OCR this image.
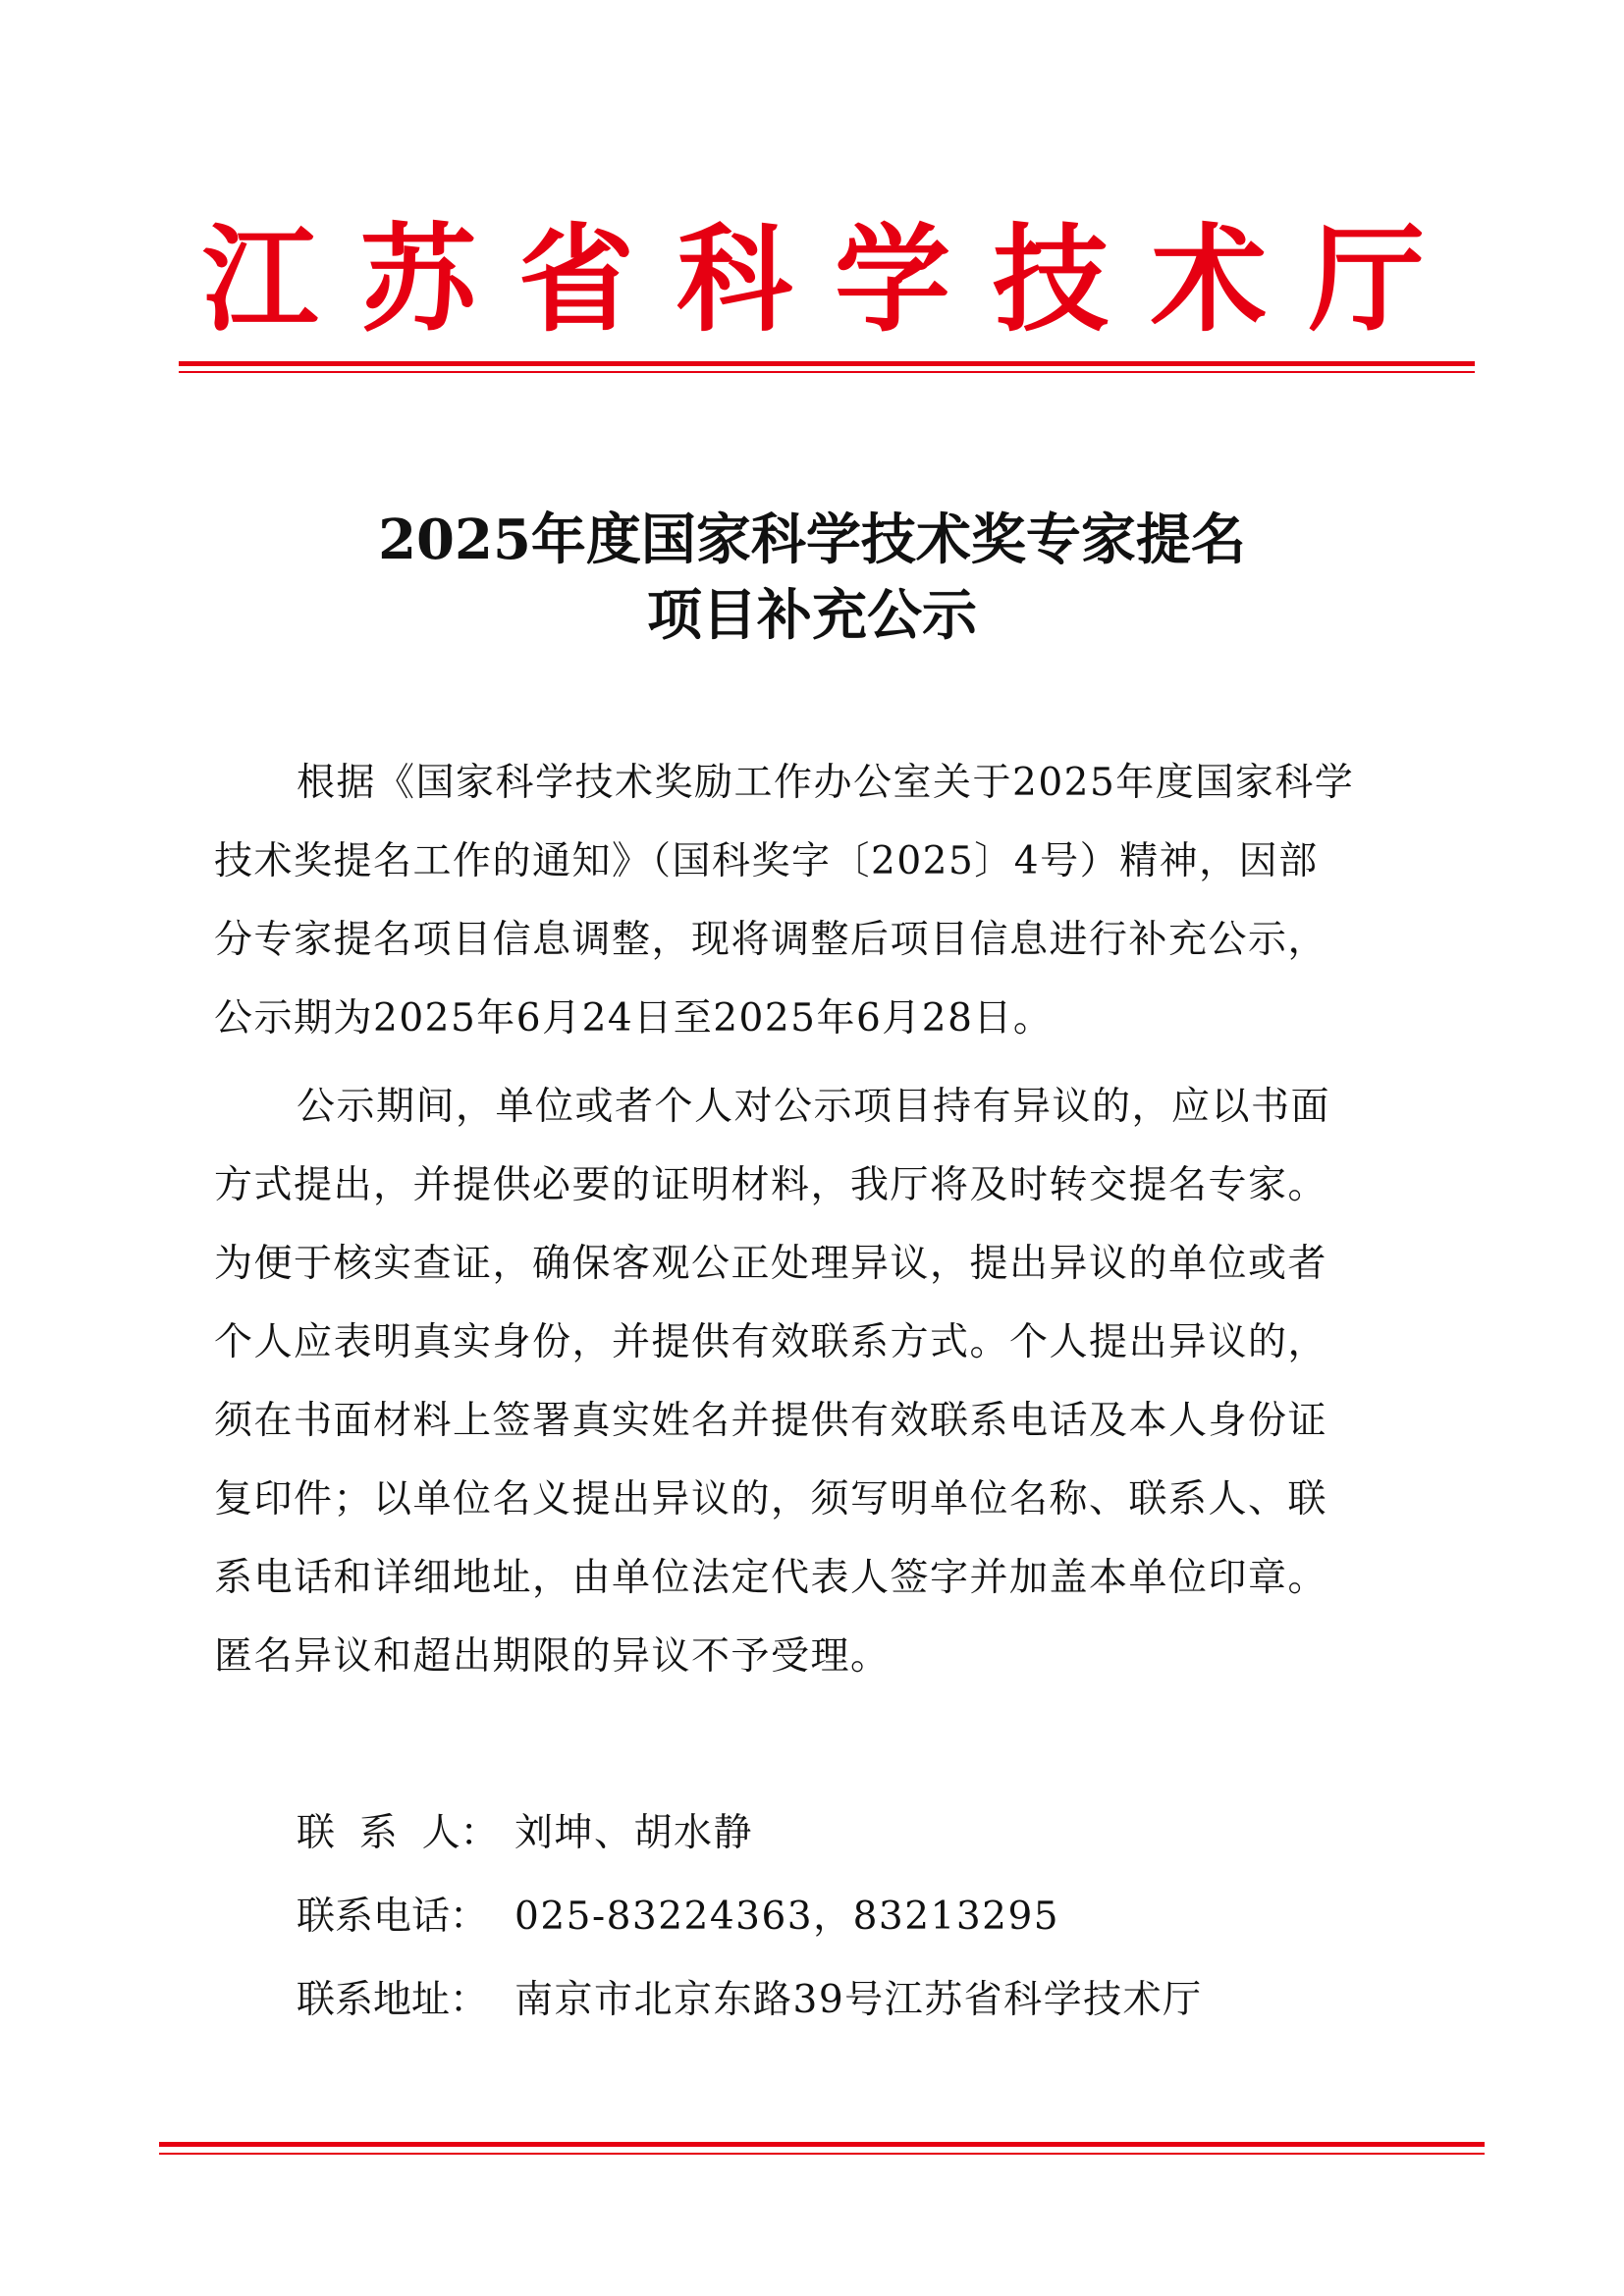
江 苏 省 科 学 技 术 厅
2025年度国家科学技术奖专家提名
项目补充公示
根据《国家科学技术奖励工作办公室关于2025年度国家科学
技术奖提名工作的通知》（国科奖字〔2025〕4号）精神，因部
分专家提名项目信息调整，现将调整后项目信息进行补充公示，
公示期为2025年6月24日至2025年6月28日。
公示期间，单位或者个人对公示项目持有异议的，应以书面
方式提出，并提供必要的证明材料，我厅将及时转交提名专家。
为便于核实查证，确保客观公正处理异议，提出异议的单位或者
个人应表明真实身份，并提供有效联系方式。个人提出异议的，
须在书面材料上签署真实姓名并提供有效联系电话及本人身份证
复印件；以单位名义提出异议的，须写明单位名称、联系人、联
系电话和详细地址，由单位法定代表人签字并加盖本单位印章。
匿名异议和超出期限的异议不予受理。
联  系  人： 刘坤、胡水静
联系电话： 025-83224363，83213295
联系地址： 南京市北京东路39号江苏省科学技术厅
